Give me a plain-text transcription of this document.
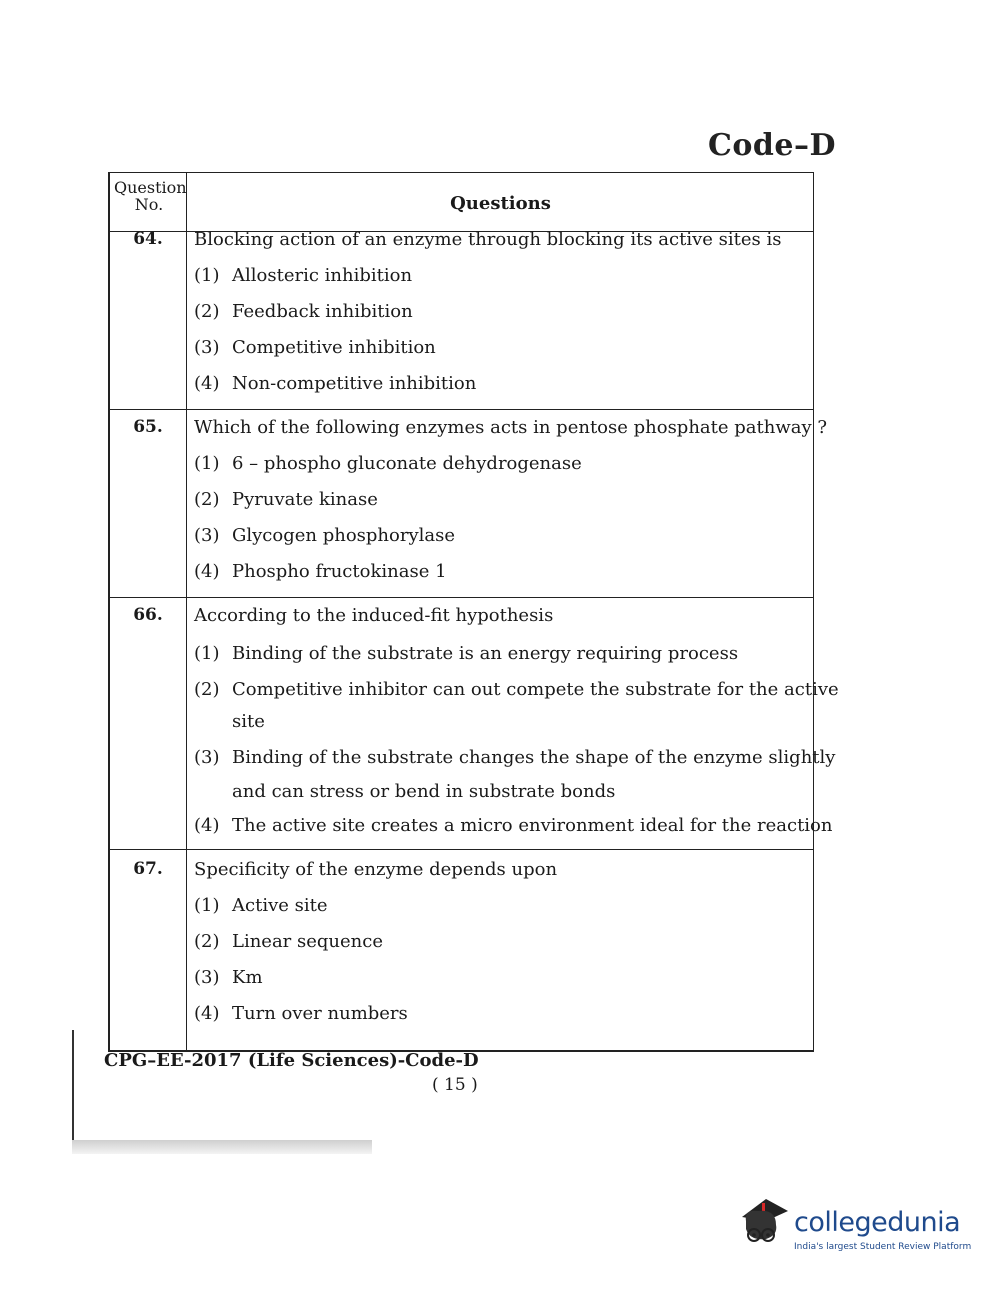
Code–D
Question No.	Questions
64.	Blocking action of an enzyme through blocking its active sites is
(1) Allosteric inhibition
(2) Feedback inhibition
(3) Competitive inhibition
(4) Non-competitive inhibition
65.	Which of the following enzymes acts in pentose phosphate pathway ?
(1) 6 – phospho gluconate dehydrogenase
(2) Pyruvate kinase
(3) Glycogen phosphorylase
(4) Phospho fructokinase 1
66.	According to the induced-fit hypothesis
(1) Binding of the substrate is an energy requiring process
(2) Competitive inhibitor can out compete the substrate for the active
site
(3) Binding of the substrate changes the shape of the enzyme slightly
and can stress or bend in substrate bonds
(4) The active site creates a micro environment ideal for the reaction
67.	Specificity of the enzyme depends upon
(1) Active site
(2) Linear sequence
(3) Km
(4) Turn over numbers
CPG–EE-2017 (Life Sciences)-Code-D
( 15 )
collegedunia
India's largest Student Review Platform
